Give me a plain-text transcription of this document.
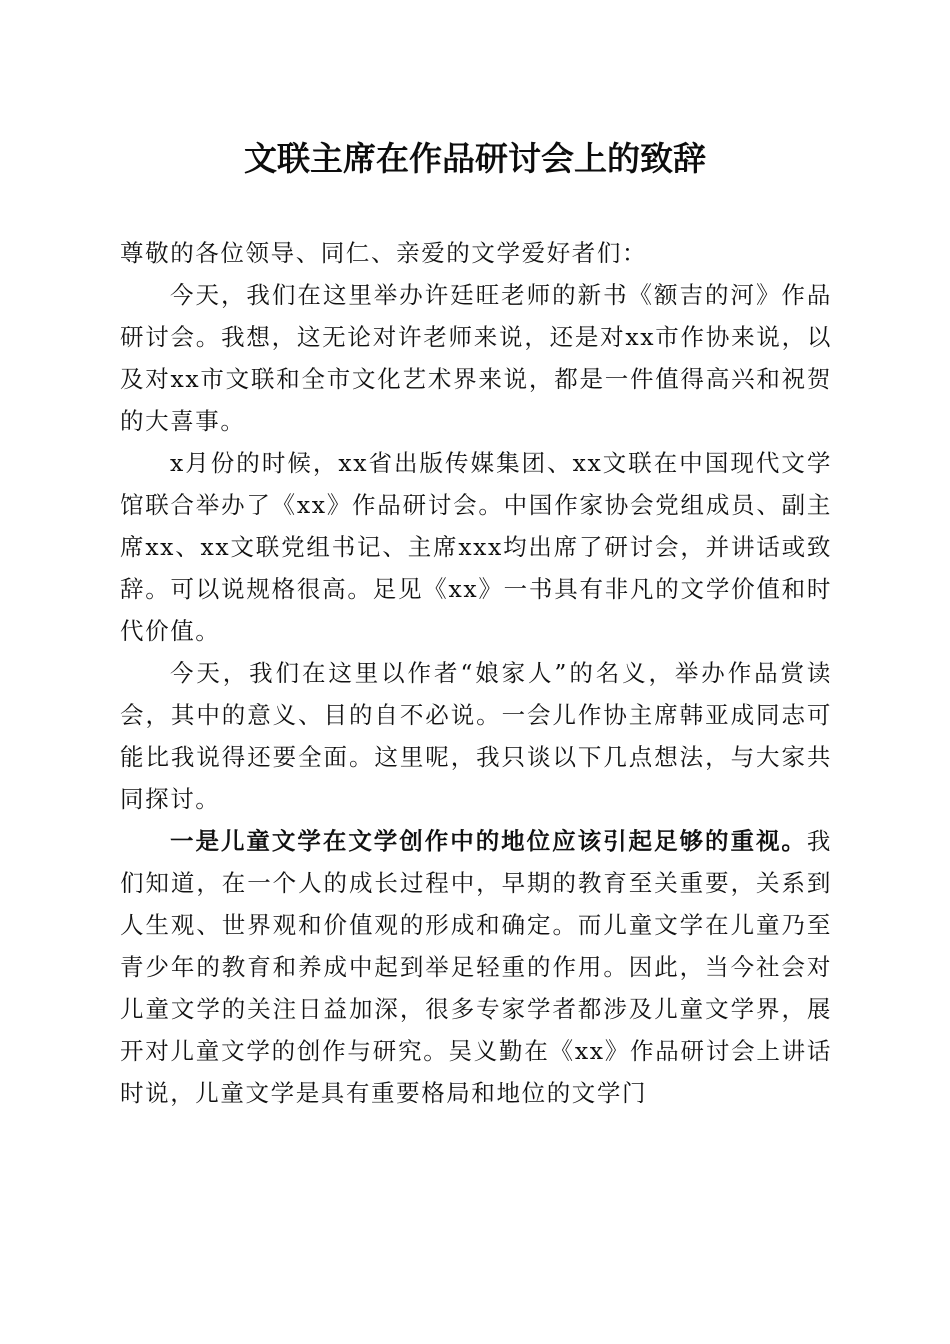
文联主席在作品研讨会上的致辞

尊敬的各位领导、同仁、亲爱的文学爱好者们：

今天，我们在这里举办许廷旺老师的新书《额吉的河》作品研讨会。我想，这无论对许老师来说，还是对xx市作协来说，以及对xx市文联和全市文化艺术界来说，都是一件值得高兴和祝贺的大喜事。

x月份的时候，xx省出版传媒集团、xx文联在中国现代文学馆联合举办了《xx》作品研讨会。中国作家协会党组成员、副主席xx、xx文联党组书记、主席xxx均出席了研讨会，并讲话或致辞。可以说规格很高。足见《xx》一书具有非凡的文学价值和时代价值。

今天，我们在这里以作者“娘家人”的名义，举办作品赏读会，其中的意义、目的自不必说。一会儿作协主席韩亚成同志可能比我说得还要全面。这里呢，我只谈以下几点想法，与大家共同探讨。

一是儿童文学在文学创作中的地位应该引起足够的重视。我们知道，在一个人的成长过程中，早期的教育至关重要，关系到人生观、世界观和价值观的形成和确定。而儿童文学在儿童乃至青少年的教育和养成中起到举足轻重的作用。因此，当今社会对儿童文学的关注日益加深，很多专家学者都涉及儿童文学界，展开对儿童文学的创作与研究。吴义勤在《xx》作品研讨会上讲话时说，儿童文学是具有重要格局和地位的文学门
